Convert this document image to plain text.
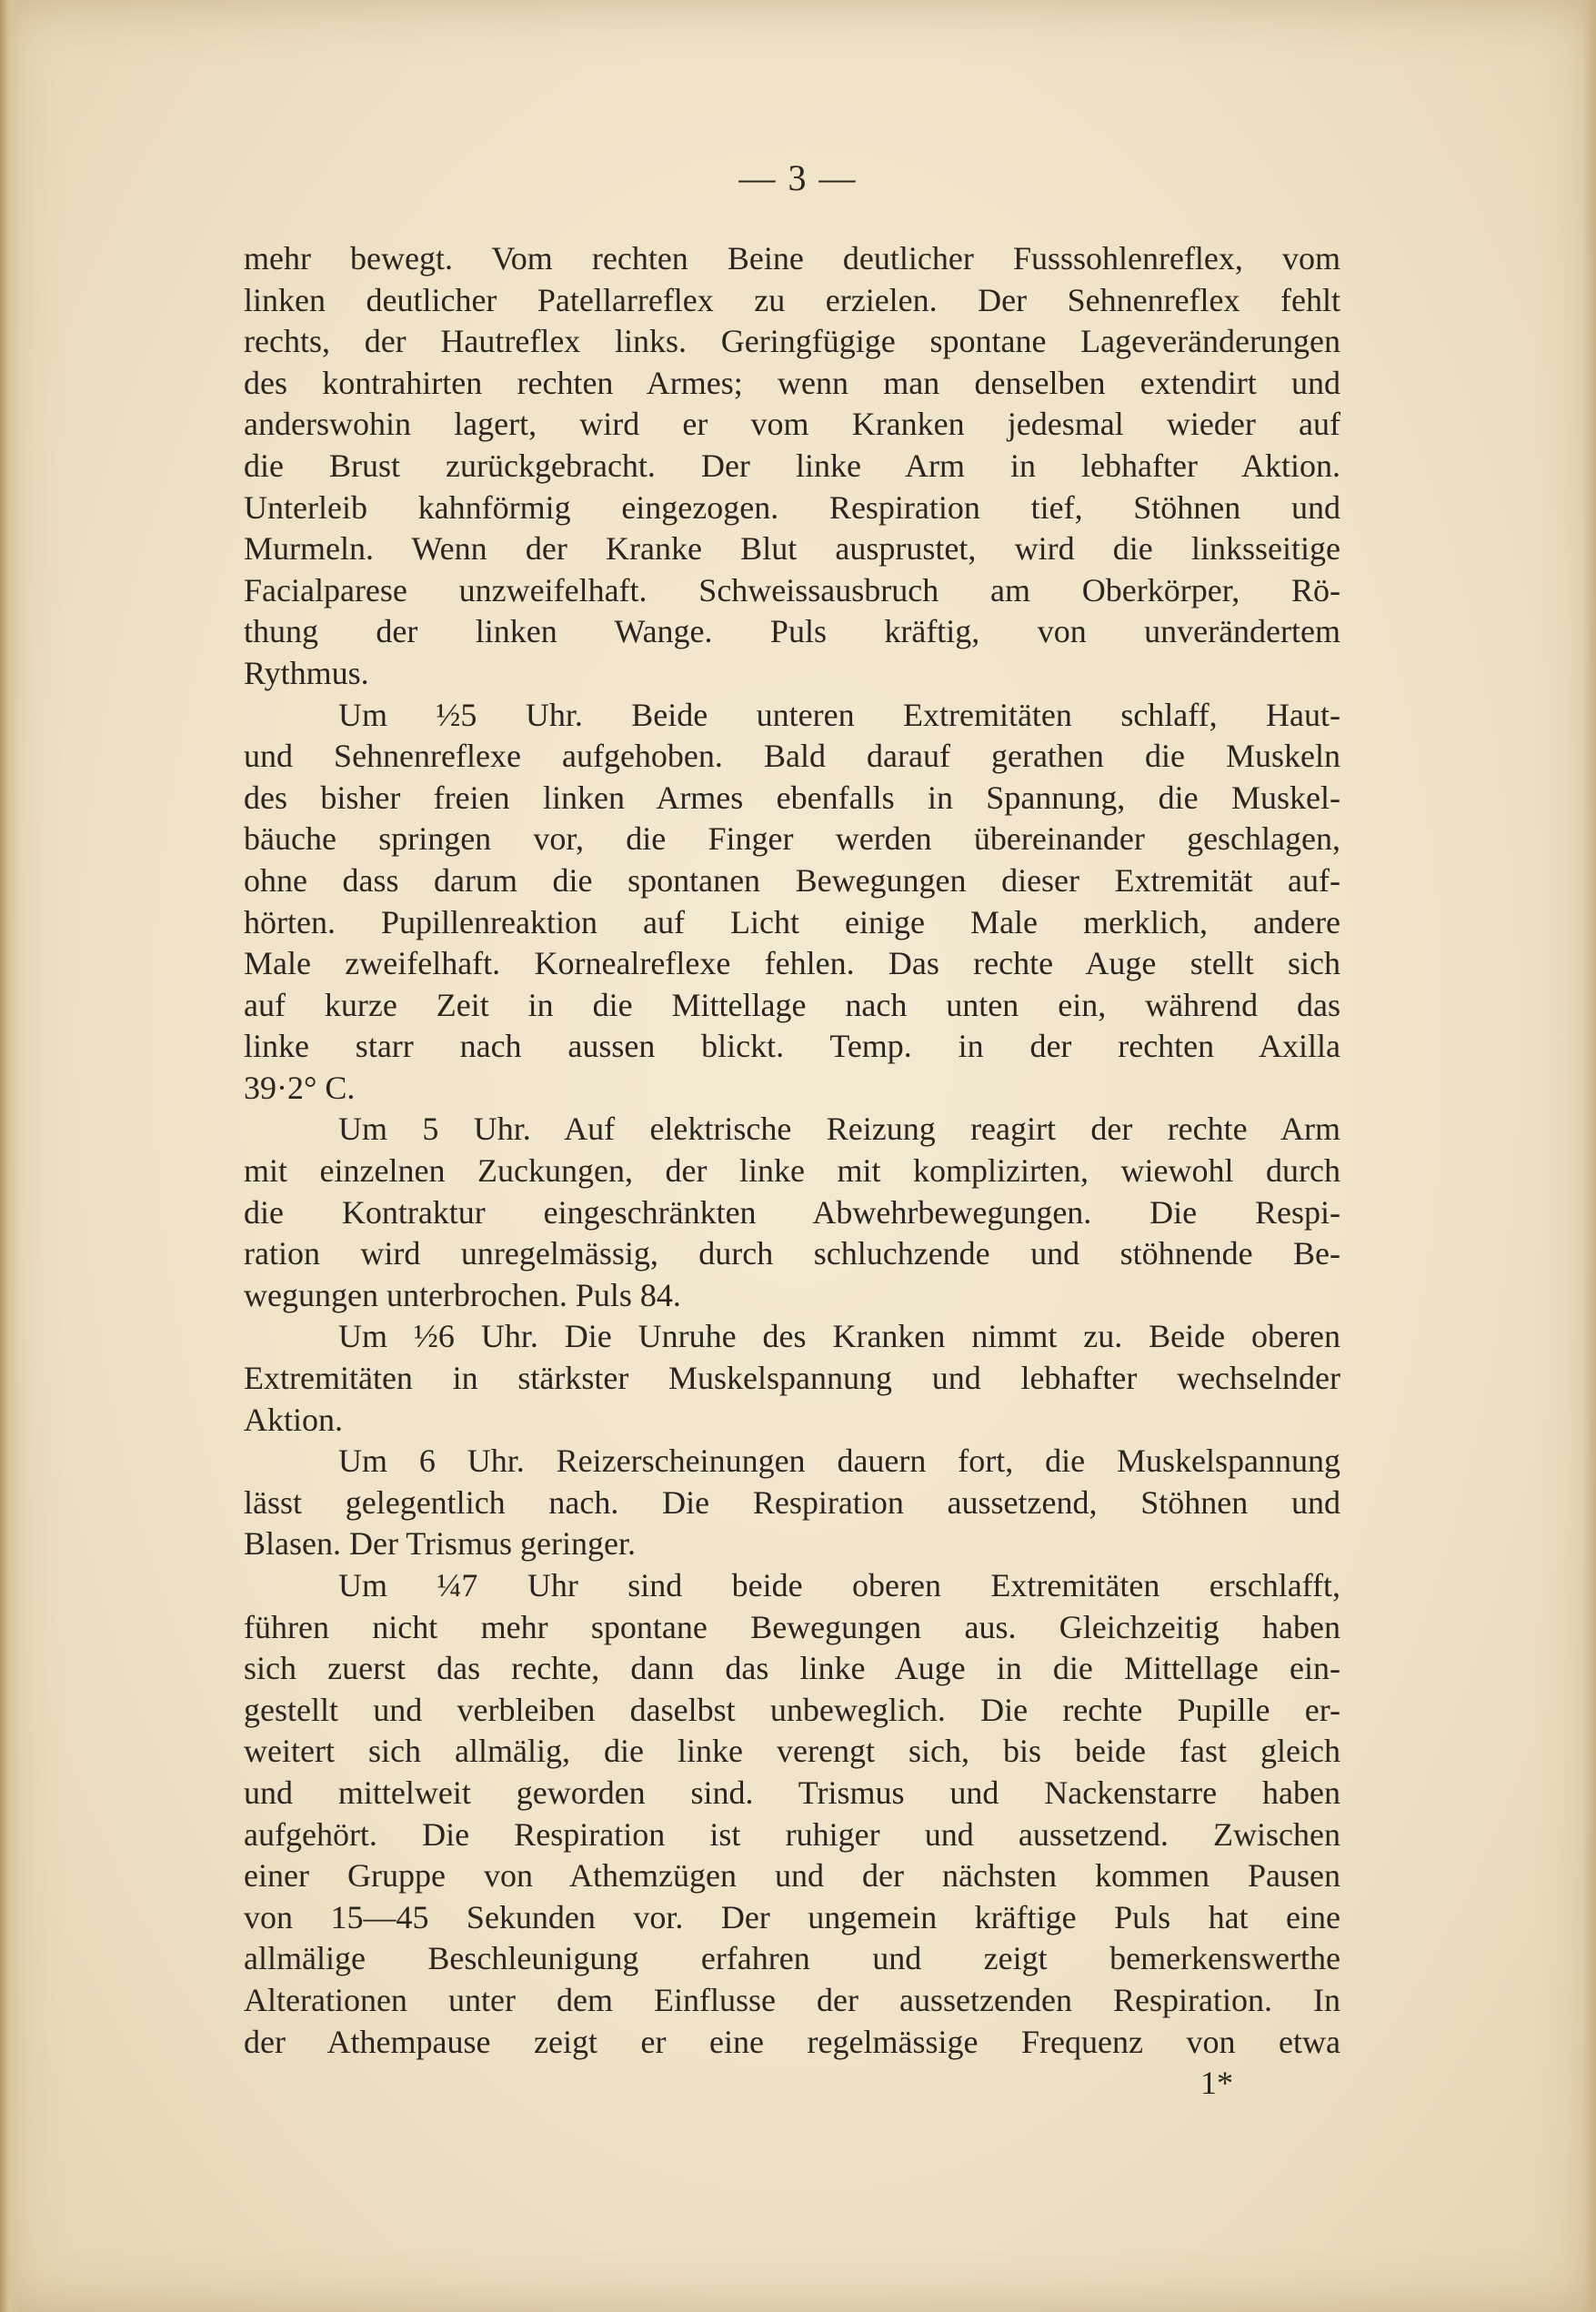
— 3 —
mehr bewegt. Vom rechten Beine deutlicher Fusssohlenreflex, vom
linken deutlicher Patellarreflex zu erzielen. Der Sehnenreflex fehlt
rechts, der Hautreflex links. Geringfügige spontane Lageveränderungen
des kontrahirten rechten Armes; wenn man denselben extendirt und
anderswohin lagert, wird er vom Kranken jedesmal wieder auf
die Brust zurückgebracht. Der linke Arm in lebhafter Aktion.
Unterleib kahnförmig eingezogen. Respiration tief, Stöhnen und
Murmeln. Wenn der Kranke Blut ausprustet, wird die linksseitige
Facialparese unzweifelhaft. Schweissausbruch am Oberkörper, Rö-
thung der linken Wange. Puls kräftig, von unverändertem
Rythmus.
Um ½5 Uhr. Beide unteren Extremitäten schlaff, Haut-
und Sehnenreflexe aufgehoben. Bald darauf gerathen die Muskeln
des bisher freien linken Armes ebenfalls in Spannung, die Muskel-
bäuche springen vor, die Finger werden übereinander geschlagen,
ohne dass darum die spontanen Bewegungen dieser Extremität auf-
hörten. Pupillenreaktion auf Licht einige Male merklich, andere
Male zweifelhaft. Kornealreflexe fehlen. Das rechte Auge stellt sich
auf kurze Zeit in die Mittellage nach unten ein, während das
linke starr nach aussen blickt. Temp. in der rechten Axilla
39·2° C.
Um 5 Uhr. Auf elektrische Reizung reagirt der rechte Arm
mit einzelnen Zuckungen, der linke mit komplizirten, wiewohl durch
die Kontraktur eingeschränkten Abwehrbewegungen. Die Respi-
ration wird unregelmässig, durch schluchzende und stöhnende Be-
wegungen unterbrochen. Puls 84.
Um ½6 Uhr. Die Unruhe des Kranken nimmt zu. Beide oberen
Extremitäten in stärkster Muskelspannung und lebhafter wechselnder
Aktion.
Um 6 Uhr. Reizerscheinungen dauern fort, die Muskelspannung
lässt gelegentlich nach. Die Respiration aussetzend, Stöhnen und
Blasen. Der Trismus geringer.
Um ¼7 Uhr sind beide oberen Extremitäten erschlafft,
führen nicht mehr spontane Bewegungen aus. Gleichzeitig haben
sich zuerst das rechte, dann das linke Auge in die Mittellage ein-
gestellt und verbleiben daselbst unbeweglich. Die rechte Pupille er-
weitert sich allmälig, die linke verengt sich, bis beide fast gleich
und mittelweit geworden sind. Trismus und Nackenstarre haben
aufgehört. Die Respiration ist ruhiger und aussetzend. Zwischen
einer Gruppe von Athemzügen und der nächsten kommen Pausen
von 15—45 Sekunden vor. Der ungemein kräftige Puls hat eine
allmälige Beschleunigung erfahren und zeigt bemerkenswerthe
Alterationen unter dem Einflusse der aussetzenden Respiration. In
der Athempause zeigt er eine regelmässige Frequenz von etwa
1*
